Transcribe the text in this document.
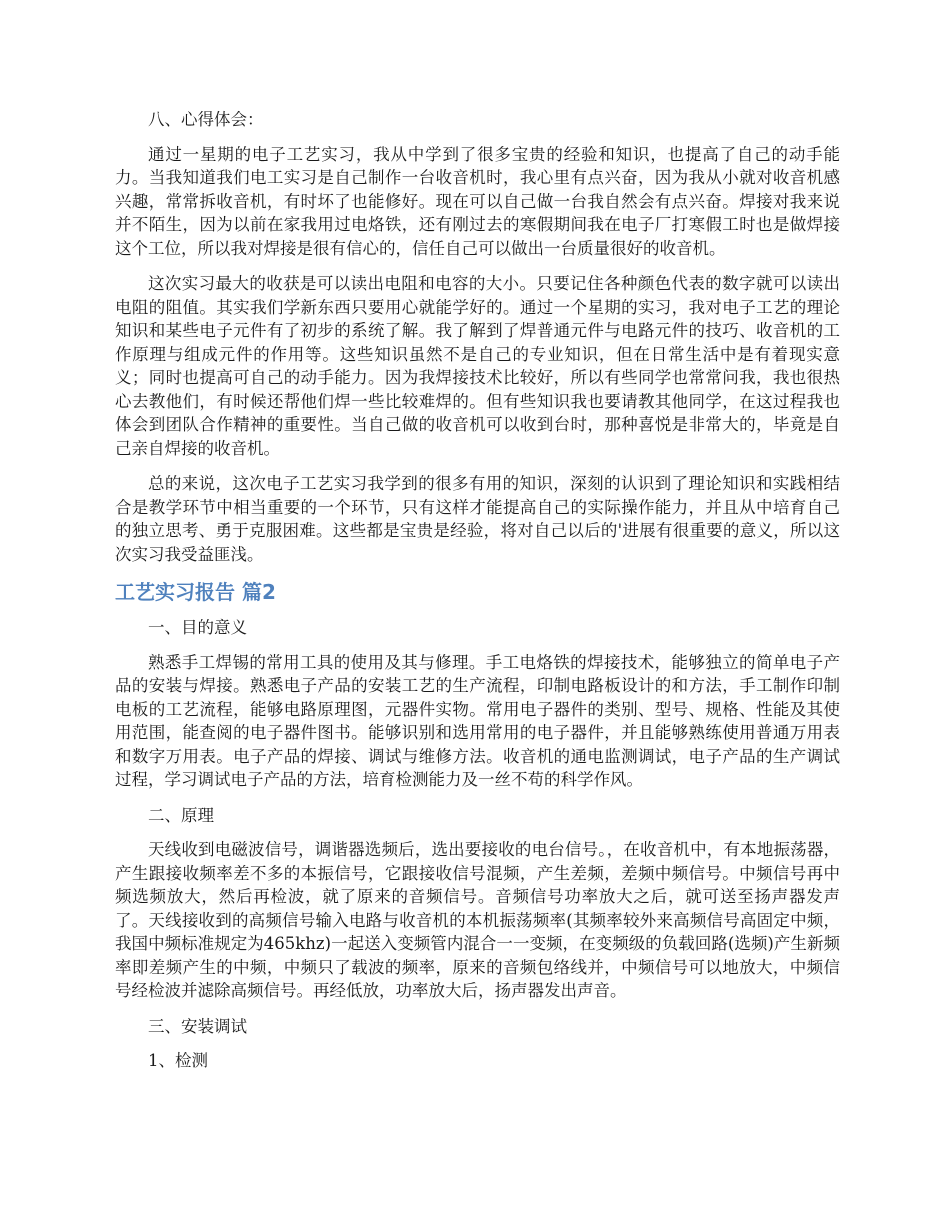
八、心得体会：

通过一星期的电子工艺实习，我从中学到了很多宝贵的经验和知识，也提高了自己的动手能力。当我知道我们电工实习是自己制作一台收音机时，我心里有点兴奋，因为我从小就对收音机感兴趣，常常拆收音机，有时坏了也能修好。现在可以自己做一台我自然会有点兴奋。焊接对我来说并不陌生，因为以前在家我用过电烙铁，还有刚过去的寒假期间我在电子厂打寒假工时也是做焊接这个工位，所以我对焊接是很有信心的，信任自己可以做出一台质量很好的收音机。

这次实习最大的收获是可以读出电阻和电容的大小。只要记住各种颜色代表的数字就可以读出电阻的阻值。其实我们学新东西只要用心就能学好的。通过一个星期的实习，我对电子工艺的理论知识和某些电子元件有了初步的系统了解。我了解到了焊普通元件与电路元件的技巧、收音机的工作原理与组成元件的作用等。这些知识虽然不是自己的专业知识，但在日常生活中是有着现实意义；同时也提高可自己的动手能力。因为我焊接技术比较好，所以有些同学也常常问我，我也很热心去教他们，有时候还帮他们焊一些比较难焊的。但有些知识我也要请教其他同学，在这过程我也体会到团队合作精神的重要性。当自己做的收音机可以收到台时，那种喜悦是非常大的，毕竟是自己亲自焊接的收音机。

总的来说，这次电子工艺实习我学到的很多有用的知识，深刻的认识到了理论知识和实践相结合是教学环节中相当重要的一个环节，只有这样才能提高自己的实际操作能力，并且从中培育自己的独立思考、勇于克服困难。这些都是宝贵是经验，将对自己以后的'进展有很重要的意义，所以这次实习我受益匪浅。

工艺实习报告 篇2

一、目的意义

熟悉手工焊锡的常用工具的使用及其与修理。手工电烙铁的焊接技术，能够独立的简单电子产品的安装与焊接。熟悉电子产品的安装工艺的生产流程，印制电路板设计的和方法，手工制作印制电板的工艺流程，能够电路原理图，元器件实物。常用电子器件的类别、型号、规格、性能及其使用范围，能查阅的电子器件图书。能够识别和选用常用的电子器件，并且能够熟练使用普通万用表和数字万用表。电子产品的焊接、调试与维修方法。收音机的通电监测调试，电子产品的生产调试过程，学习调试电子产品的方法，培育检测能力及一丝不苟的科学作风。

二、原理

天线收到电磁波信号，调谐器选频后，选出要接收的电台信号。，在收音机中，有本地振荡器，产生跟接收频率差不多的本振信号，它跟接收信号混频，产生差频，差频中频信号。中频信号再中频选频放大，然后再检波，就了原来的音频信号。音频信号功率放大之后，就可送至扬声器发声了。天线接收到的高频信号输入电路与收音机的本机振荡频率(其频率较外来高频信号高固定中频，我国中频标准规定为465khz)一起送入变频管内混合一一变频，在变频级的负载回路(选频)产生新频率即差频产生的中频，中频只了载波的频率，原来的音频包络线并，中频信号可以地放大，中频信号经检波并滤除高频信号。再经低放，功率放大后，扬声器发出声音。

三、安装调试

1、检测
